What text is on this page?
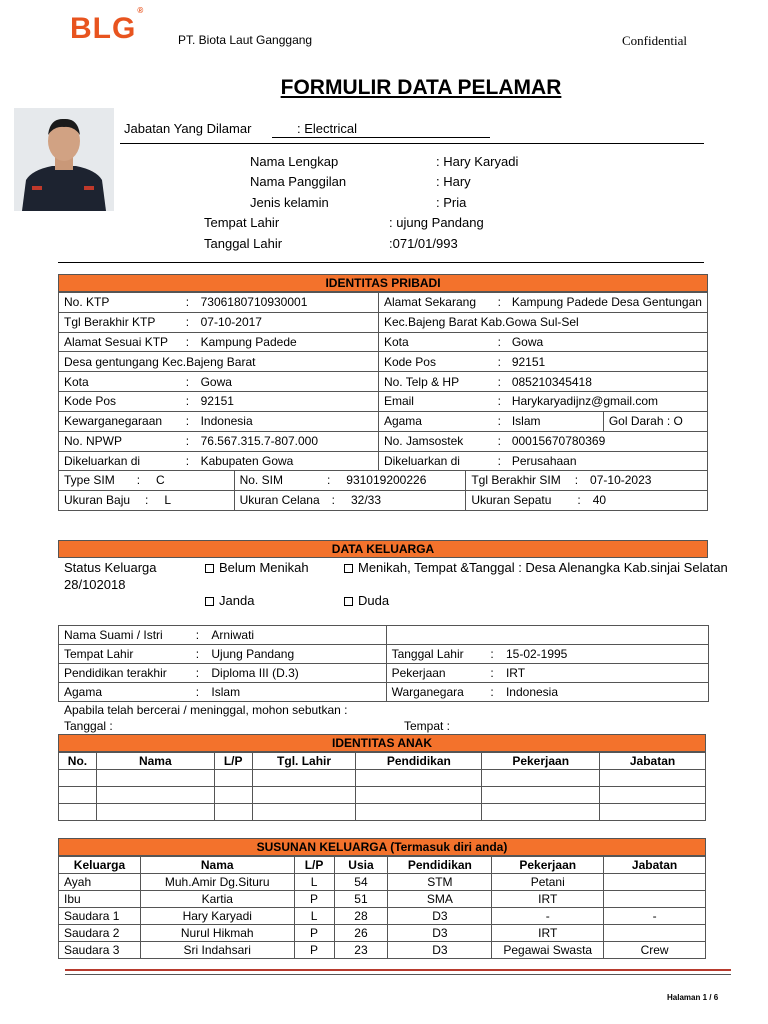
BLG®
PT. Biota Laut Ganggang	Confidential
FORMULIR DATA PELAMAR
Jabatan Yang Dilamar	: Electrical
Nama Lengkap	: Hary Karyadi
Nama Panggilan	: Hary
Jenis kelamin	: Pria
Tempat Lahir	: ujung Pandang
Tanggal Lahir	:071/01/993
IDENTITAS PRIBADI
No. KTP	:	7306180710930001	Alamat Sekarang	:	Kampung Padede Desa Gentungan
Tgl Berakhir KTP	:	07-10-2017	Kec.Bajeng Barat Kab.Gowa Sul-Sel		
Alamat Sesuai KTP	:	Kampung Padede	Kota	:	Gowa
Desa gentungang Kec.Bajeng Barat			Kode Pos	:	92151
Kota	:	Gowa	No. Telp & HP	:	085210345418
Kode Pos	:	92151	Email	:	Harykaryadijnz@gmail.com
Kewarganegaraan	:	Indonesia	Agama	:	Islam Gol Darah : O

No. NPWP	:	76.567.315.7-807.000	No. Jamsostek	:	00015670780369
Dikeluarkan di	:	Kabupaten Gowa	Dikeluarkan di	:	Perusahaan
Type SIM : C	No. SIM : 931019200226	Tgl Berakhir SIM : 07-10-2023
Ukuran Baju : L	Ukuran Celana : 32/33	Ukuran Sepatu : 40
DATA KELUARGA
Status Keluarga	Belum Menikah	Menikah, Tempat &Tanggal : Desa Alenangka Kab.sinjai Selatan
28/102018
Janda	Duda
Nama Suami / Istri	:	Arniwati			
Tempat Lahir	:	Ujung Pandang	Tanggal Lahir	:	15-02-1995
Pendidikan terakhir	:	Diploma III (D.3)	Pekerjaan	:	IRT
Agama	:	Islam	Warganegara	:	Indonesia
Apabila telah bercerai / meninggal, mohon sebutkan :
Tanggal :	Tempat :
IDENTITAS ANAK
No.	Nama	L/P	Tgl. Lahir	Pendidikan	Pekerjaan	Jabatan

SUSUNAN KELUARGA (Termasuk diri anda)
Keluarga	Nama	L/P	Usia	Pendidikan	Pekerjaan	Jabatan
Ayah	Muh.Amir Dg.Situru	L	54	STM	Petani	
Ibu	Kartia	P	51	SMA	IRT	
Saudara 1	Hary Karyadi	L	28	D3	-	-
Saudara 2	Nurul Hikmah	P	26	D3	IRT	
Saudara 3	Sri Indahsari	P	23	D3	Pegawai Swasta	Crew
Halaman 1 / 6
